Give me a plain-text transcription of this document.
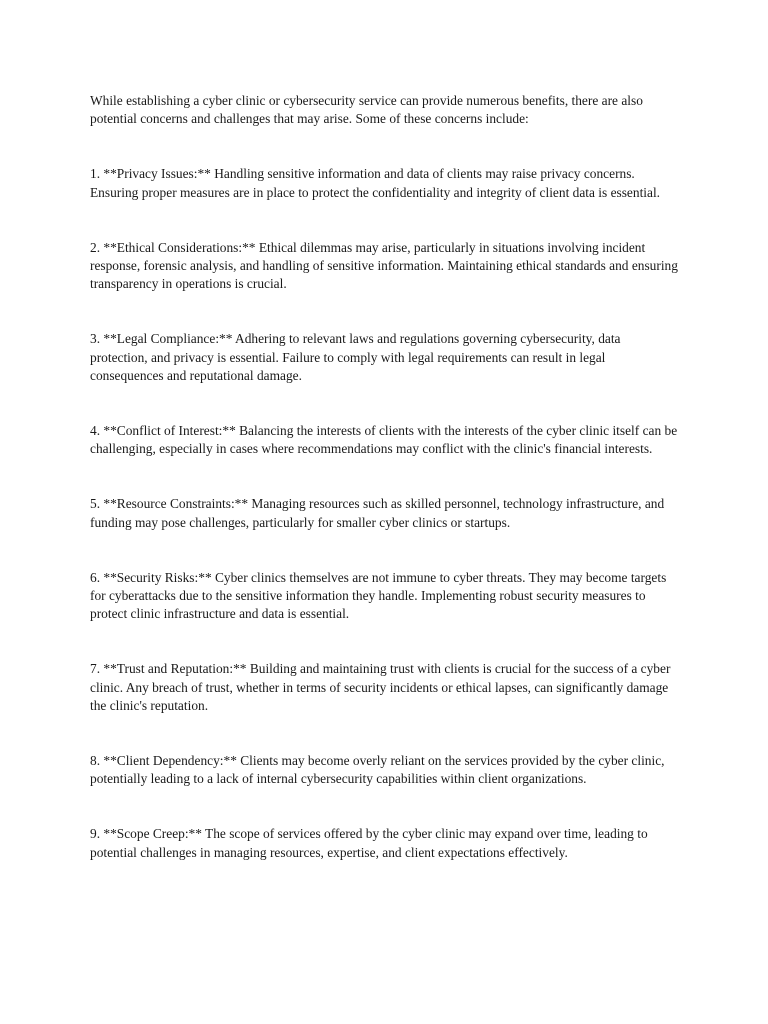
While establishing a cyber clinic or cybersecurity service can provide numerous benefits, there are also potential concerns and challenges that may arise. Some of these concerns include:

1. **Privacy Issues:** Handling sensitive information and data of clients may raise privacy concerns. Ensuring proper measures are in place to protect the confidentiality and integrity of client data is essential.

2. **Ethical Considerations:** Ethical dilemmas may arise, particularly in situations involving incident response, forensic analysis, and handling of sensitive information. Maintaining ethical standards and ensuring transparency in operations is crucial.

3. **Legal Compliance:** Adhering to relevant laws and regulations governing cybersecurity, data protection, and privacy is essential. Failure to comply with legal requirements can result in legal consequences and reputational damage.

4. **Conflict of Interest:** Balancing the interests of clients with the interests of the cyber clinic itself can be challenging, especially in cases where recommendations may conflict with the clinic's financial interests.

5. **Resource Constraints:** Managing resources such as skilled personnel, technology infrastructure, and funding may pose challenges, particularly for smaller cyber clinics or startups.

6. **Security Risks:** Cyber clinics themselves are not immune to cyber threats. They may become targets for cyberattacks due to the sensitive information they handle. Implementing robust security measures to protect clinic infrastructure and data is essential.

7. **Trust and Reputation:** Building and maintaining trust with clients is crucial for the success of a cyber clinic. Any breach of trust, whether in terms of security incidents or ethical lapses, can significantly damage the clinic's reputation.

8. **Client Dependency:** Clients may become overly reliant on the services provided by the cyber clinic, potentially leading to a lack of internal cybersecurity capabilities within client organizations.

9. **Scope Creep:** The scope of services offered by the cyber clinic may expand over time, leading to potential challenges in managing resources, expertise, and client expectations effectively.
